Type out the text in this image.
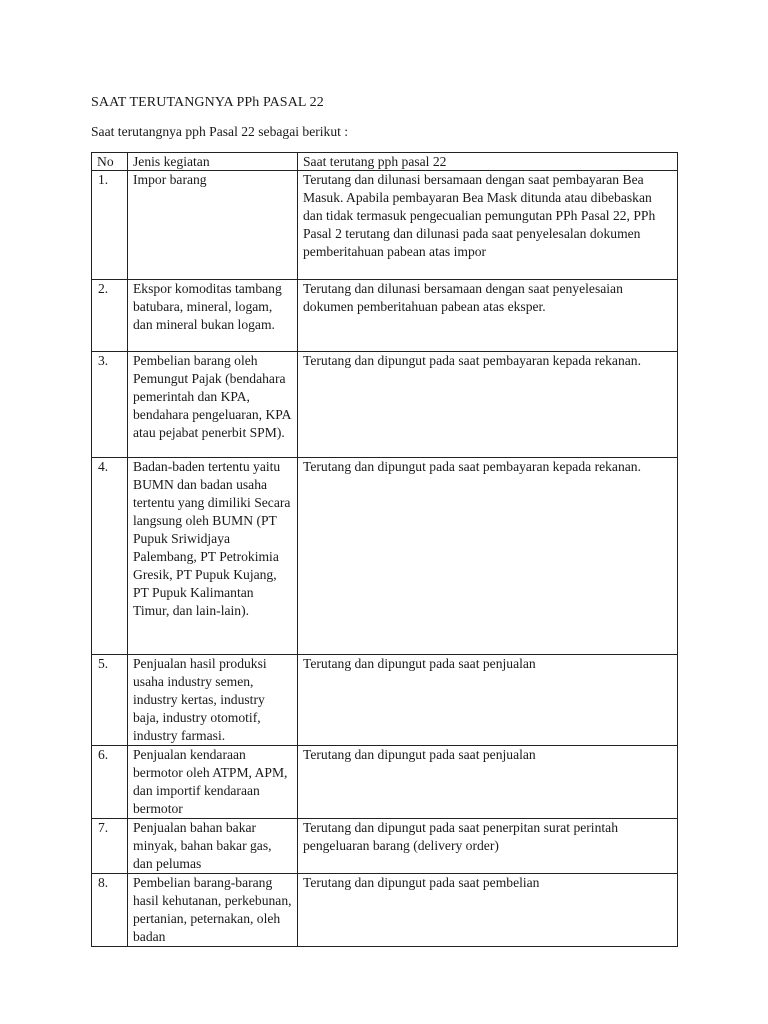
SAAT TERUTANGNYA PPh PASAL 22
Saat terutangnya pph Pasal 22 sebagai berikut :
No	Jenis kegiatan	Saat terutang pph pasal 22
1.	Impor barang	Terutang dan dilunasi bersamaan dengan saat pembayaran Bea Masuk. Apabila pembayaran Bea Mask ditunda atau dibebaskan dan tidak termasuk pengecualian pemungutan PPh Pasal 22, PPh Pasal 2 terutang dan dilunasi pada saat penyelesalan dokumen pemberitahuan pabean atas impor
2.	Ekspor komoditas tambang batubara, mineral, logam, dan mineral bukan logam.	Terutang dan dilunasi bersamaan dengan saat penyelesaian dokumen pemberitahuan pabean atas eksper.
3.	Pembelian barang oleh Pemungut Pajak (bendahara pemerintah dan KPA, bendahara pengeluaran, KPA atau pejabat penerbit SPM).	Terutang dan dipungut pada saat pembayaran kepada rekanan.
4.	Badan-baden tertentu yaitu BUMN dan badan usaha tertentu yang dimiliki Secara langsung oleh BUMN (PT Pupuk Sriwidjaya Palembang, PT Petrokimia Gresik, PT Pupuk Kujang, PT Pupuk Kalimantan Timur, dan lain-lain).	Terutang dan dipungut pada saat pembayaran kepada rekanan.
5.	Penjualan hasil produksi usaha industry semen, industry kertas, industry baja, industry otomotif, industry farmasi.	Terutang dan dipungut pada saat penjualan
6.	Penjualan kendaraan bermotor oleh ATPM, APM, dan importif kendaraan bermotor	Terutang dan dipungut pada saat penjualan
7.	Penjualan bahan bakar minyak, bahan bakar gas, dan pelumas	Terutang dan dipungut pada saat penerpitan surat perintah pengeluaran barang (delivery order)
8.	Pembelian barang-barang hasil kehutanan, perkebunan, pertanian, peternakan, oleh badan	Terutang dan dipungut pada saat pembelian
